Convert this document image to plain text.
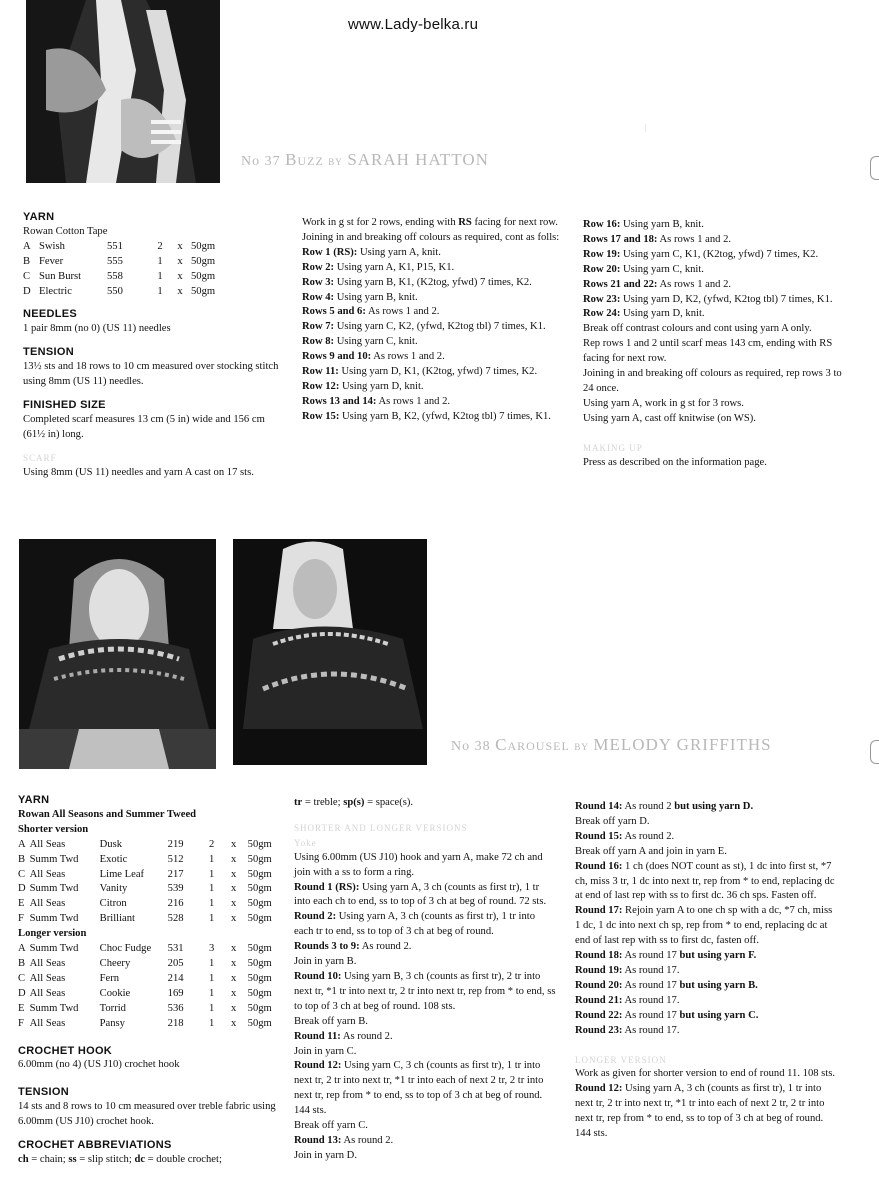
www.Lady-belka.ru
No 37 Buzz BY SARAH HATTON

YARN

Rowan Cotton Tape

A	Swish	551	2	x	50gm
B	Fever	555	1	x	50gm
C	Sun Burst	558	1	x	50gm
D	Electric	550	1	x	50gm

NEEDLES

1 pair 8mm (no 0) (US 11) needles

TENSION

13½ sts and 18 rows to 10 cm measured over stocking stitch using 8mm (US 11) needles.

FINISHED SIZE

Completed scarf measures 13 cm (5 in) wide and 156 cm (61½ in) long.

SCARF

Using 8mm (US 11) needles and yarn A cast on 17 sts.

Work in g st for 2 rows, ending with RS facing for next row.

Joining in and breaking off colours as required, cont as folls:

Row 1 (RS): Using yarn A, knit.

Row 2: Using yarn A, K1, P15, K1.

Row 3: Using yarn B, K1, (K2tog, yfwd) 7 times, K2.

Row 4: Using yarn B, knit.

Rows 5 and 6: As rows 1 and 2.

Row 7: Using yarn C, K2, (yfwd, K2tog tbl) 7 times, K1.

Row 8: Using yarn C, knit.

Rows 9 and 10: As rows 1 and 2.

Row 11: Using yarn D, K1, (K2tog, yfwd) 7 times, K2.

Row 12: Using yarn D, knit.

Rows 13 and 14: As rows 1 and 2.

Row 15: Using yarn B, K2, (yfwd, K2tog tbl) 7 times, K1.

Row 16: Using yarn B, knit.

Rows 17 and 18: As rows 1 and 2.

Row 19: Using yarn C, K1, (K2tog, yfwd) 7 times, K2.

Row 20: Using yarn C, knit.

Rows 21 and 22: As rows 1 and 2.

Row 23: Using yarn D, K2, (yfwd, K2tog tbl) 7 times, K1.

Row 24: Using yarn D, knit.

Break off contrast colours and cont using yarn A only.

Rep rows 1 and 2 until scarf meas 143 cm, ending with RS facing for next row.

Joining in and breaking off colours as required, rep rows 3 to 24 once.

Using yarn A, work in g st for 3 rows.

Using yarn A, cast off knitwise (on WS).

MAKING UP

Press as described on the information page.

No 38 Carousel BY MELODY GRIFFITHS

YARN

Rowan All Seasons and Summer Tweed

Shorter version

A	All Seas	Dusk	219	2	x	50gm
B	Summ Twd	Exotic	512	1	x	50gm
C	All Seas	Lime Leaf	217	1	x	50gm
D	Summ Twd	Vanity	539	1	x	50gm
E	All Seas	Citron	216	1	x	50gm
F	Summ Twd	Brilliant	528	1	x	50gm

Longer version

A	Summ Twd	Choc Fudge	531	3	x	50gm
B	All Seas	Cheery	205	1	x	50gm
C	All Seas	Fern	214	1	x	50gm
D	All Seas	Cookie	169	1	x	50gm
E	Summ Twd	Torrid	536	1	x	50gm
F	All Seas	Pansy	218	1	x	50gm

CROCHET HOOK

6.00mm (no 4) (US J10) crochet hook

TENSION

14 sts and 8 rows to 10 cm measured over treble fabric using 6.00mm (US J10) crochet hook.

CROCHET ABBREVIATIONS

ch = chain; ss = slip stitch; dc = double crochet;

tr = treble; sp(s) = space(s).

SHORTER AND LONGER VERSIONS

Yoke

Using 6.00mm (US J10) hook and yarn A, make 72 ch and join with a ss to form a ring.

Round 1 (RS): Using yarn A, 3 ch (counts as first tr), 1 tr into each ch to end, ss to top of 3 ch at beg of round. 72 sts.

Round 2: Using yarn A, 3 ch (counts as first tr), 1 tr into each tr to end, ss to top of 3 ch at beg of round.

Rounds 3 to 9: As round 2.

Join in yarn B.

Round 10: Using yarn B, 3 ch (counts as first tr), 2 tr into next tr, *1 tr into next tr, 2 tr into next tr, rep from * to end, ss to top of 3 ch at beg of round. 108 sts.

Break off yarn B.

Round 11: As round 2.

Join in yarn C.

Round 12: Using yarn C, 3 ch (counts as first tr), 1 tr into next tr, 2 tr into next tr, *1 tr into each of next 2 tr, 2 tr into next tr, rep from * to end, ss to top of 3 ch at beg of round. 144 sts.

Break off yarn C.

Round 13: As round 2.

Join in yarn D.

Round 14: As round 2 but using yarn D.

Break off yarn D.

Round 15: As round 2.

Break off yarn A and join in yarn E.

Round 16: 1 ch (does NOT count as st), 1 dc into first st, *7 ch, miss 3 tr, 1 dc into next tr, rep from * to end, replacing dc at end of last rep with ss to first dc. 36 ch sps. Fasten off.

Round 17: Rejoin yarn A to one ch sp with a dc, *7 ch, miss 1 dc, 1 dc into next ch sp, rep from * to end, replacing dc at end of last rep with ss to first dc, fasten off.

Round 18: As round 17 but using yarn F.

Round 19: As round 17.

Round 20: As round 17 but using yarn B.

Round 21: As round 17.

Round 22: As round 17 but using yarn C.

Round 23: As round 17.

LONGER VERSION

Work as given for shorter version to end of round 11. 108 sts.

Round 12: Using yarn A, 3 ch (counts as first tr), 1 tr into next tr, 2 tr into next tr, *1 tr into each of next 2 tr, 2 tr into next tr, rep from * to end, ss to top of 3 ch at beg of round. 144 sts.
